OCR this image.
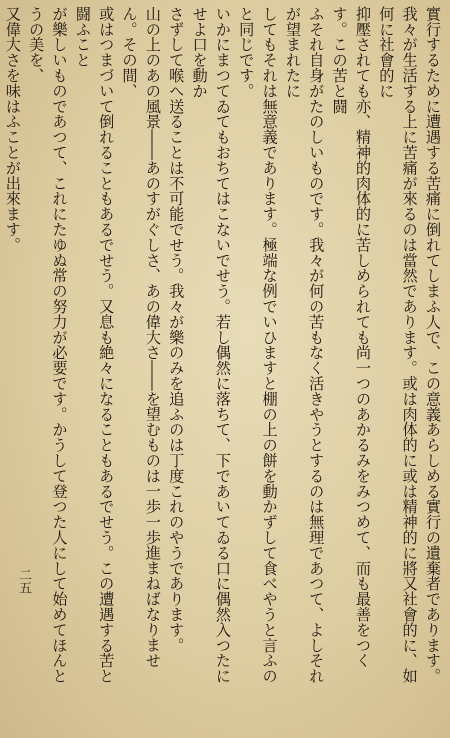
實行するために遭遇する苦痛に倒れてしまふ人で、この意義あらしめる實行の遺棄者であります。

我々が生活する上に苦痛が來るのは當然であります。或は肉体的に或は精神的に將又社會的に、如何に社會的に

抑壓されても亦、精神的肉体的に苦しめられても尚一つのあかるみをみつめて、而も最善をつくす。この苦と闘

ふそれ自身がたのしいものです。我々が何の苦もなく活きやうとするのは無理であつて、よしそれが望まれたに

してもそれは無意義であります。極端な例でいひますと棚の上の餅を動かずして食べやうと言ふのと同じです。

いかにまつてゐてもおちてはこないでせう。若し偶然に落ちて、下であいてゐる口に偶然入つたにせよ口を動か

さずして喉へ送ることは不可能でせう。我々が樂のみを追ふのは丁度これのやうであります。

山の上のあの風景――あのすがぐしさ、あの偉大さ――を望むものは一歩一歩進まねばなりません。その間、

或はつまづいて倒れることもあるでせう。又息も絶々になることもあるでせう。この遭遇する苦と闘ふこと

が樂しいものであつて、これにたゆぬ常の努力が必要です。かうして登つた人にして始めてほんとうの美を、

又偉大さを味はふことが出來ます。

二五
